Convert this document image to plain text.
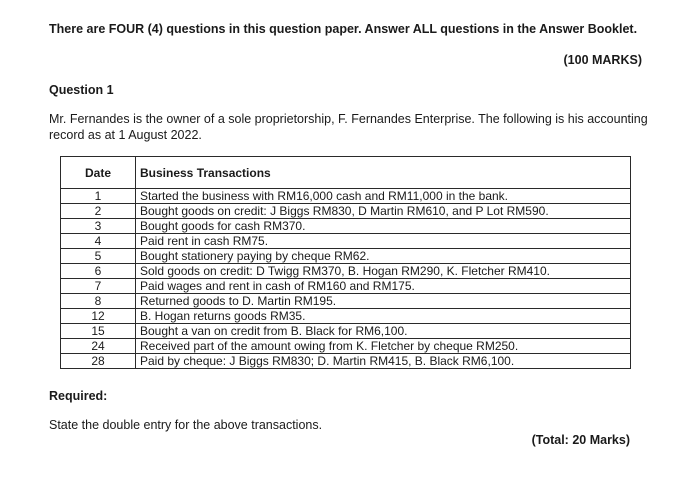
There are FOUR (4) questions in this question paper. Answer ALL questions in the Answer Booklet.
(100 MARKS)
Question 1
Mr. Fernandes is the owner of a sole proprietorship, F. Fernandes Enterprise. The following is his accounting record as at 1 August 2022.
Date	Business Transactions
1	Started the business with RM16,000 cash and RM11,000 in the bank.
2	Bought goods on credit: J Biggs RM830, D Martin RM610, and P Lot RM590.
3	Bought goods for cash RM370.
4	Paid rent in cash RM75.
5	Bought stationery paying by cheque RM62.
6	Sold goods on credit: D Twigg RM370, B. Hogan RM290, K. Fletcher RM410.
7	Paid wages and rent in cash of RM160 and RM175.
8	Returned goods to D. Martin RM195.
12	B. Hogan returns goods RM35.
15	Bought a van on credit from B. Black for RM6,100.
24	Received part of the amount owing from K. Fletcher by cheque RM250.
28	Paid by cheque: J Biggs RM830; D. Martin RM415, B. Black RM6,100.
Required:
State the double entry for the above transactions.
(Total: 20 Marks)
